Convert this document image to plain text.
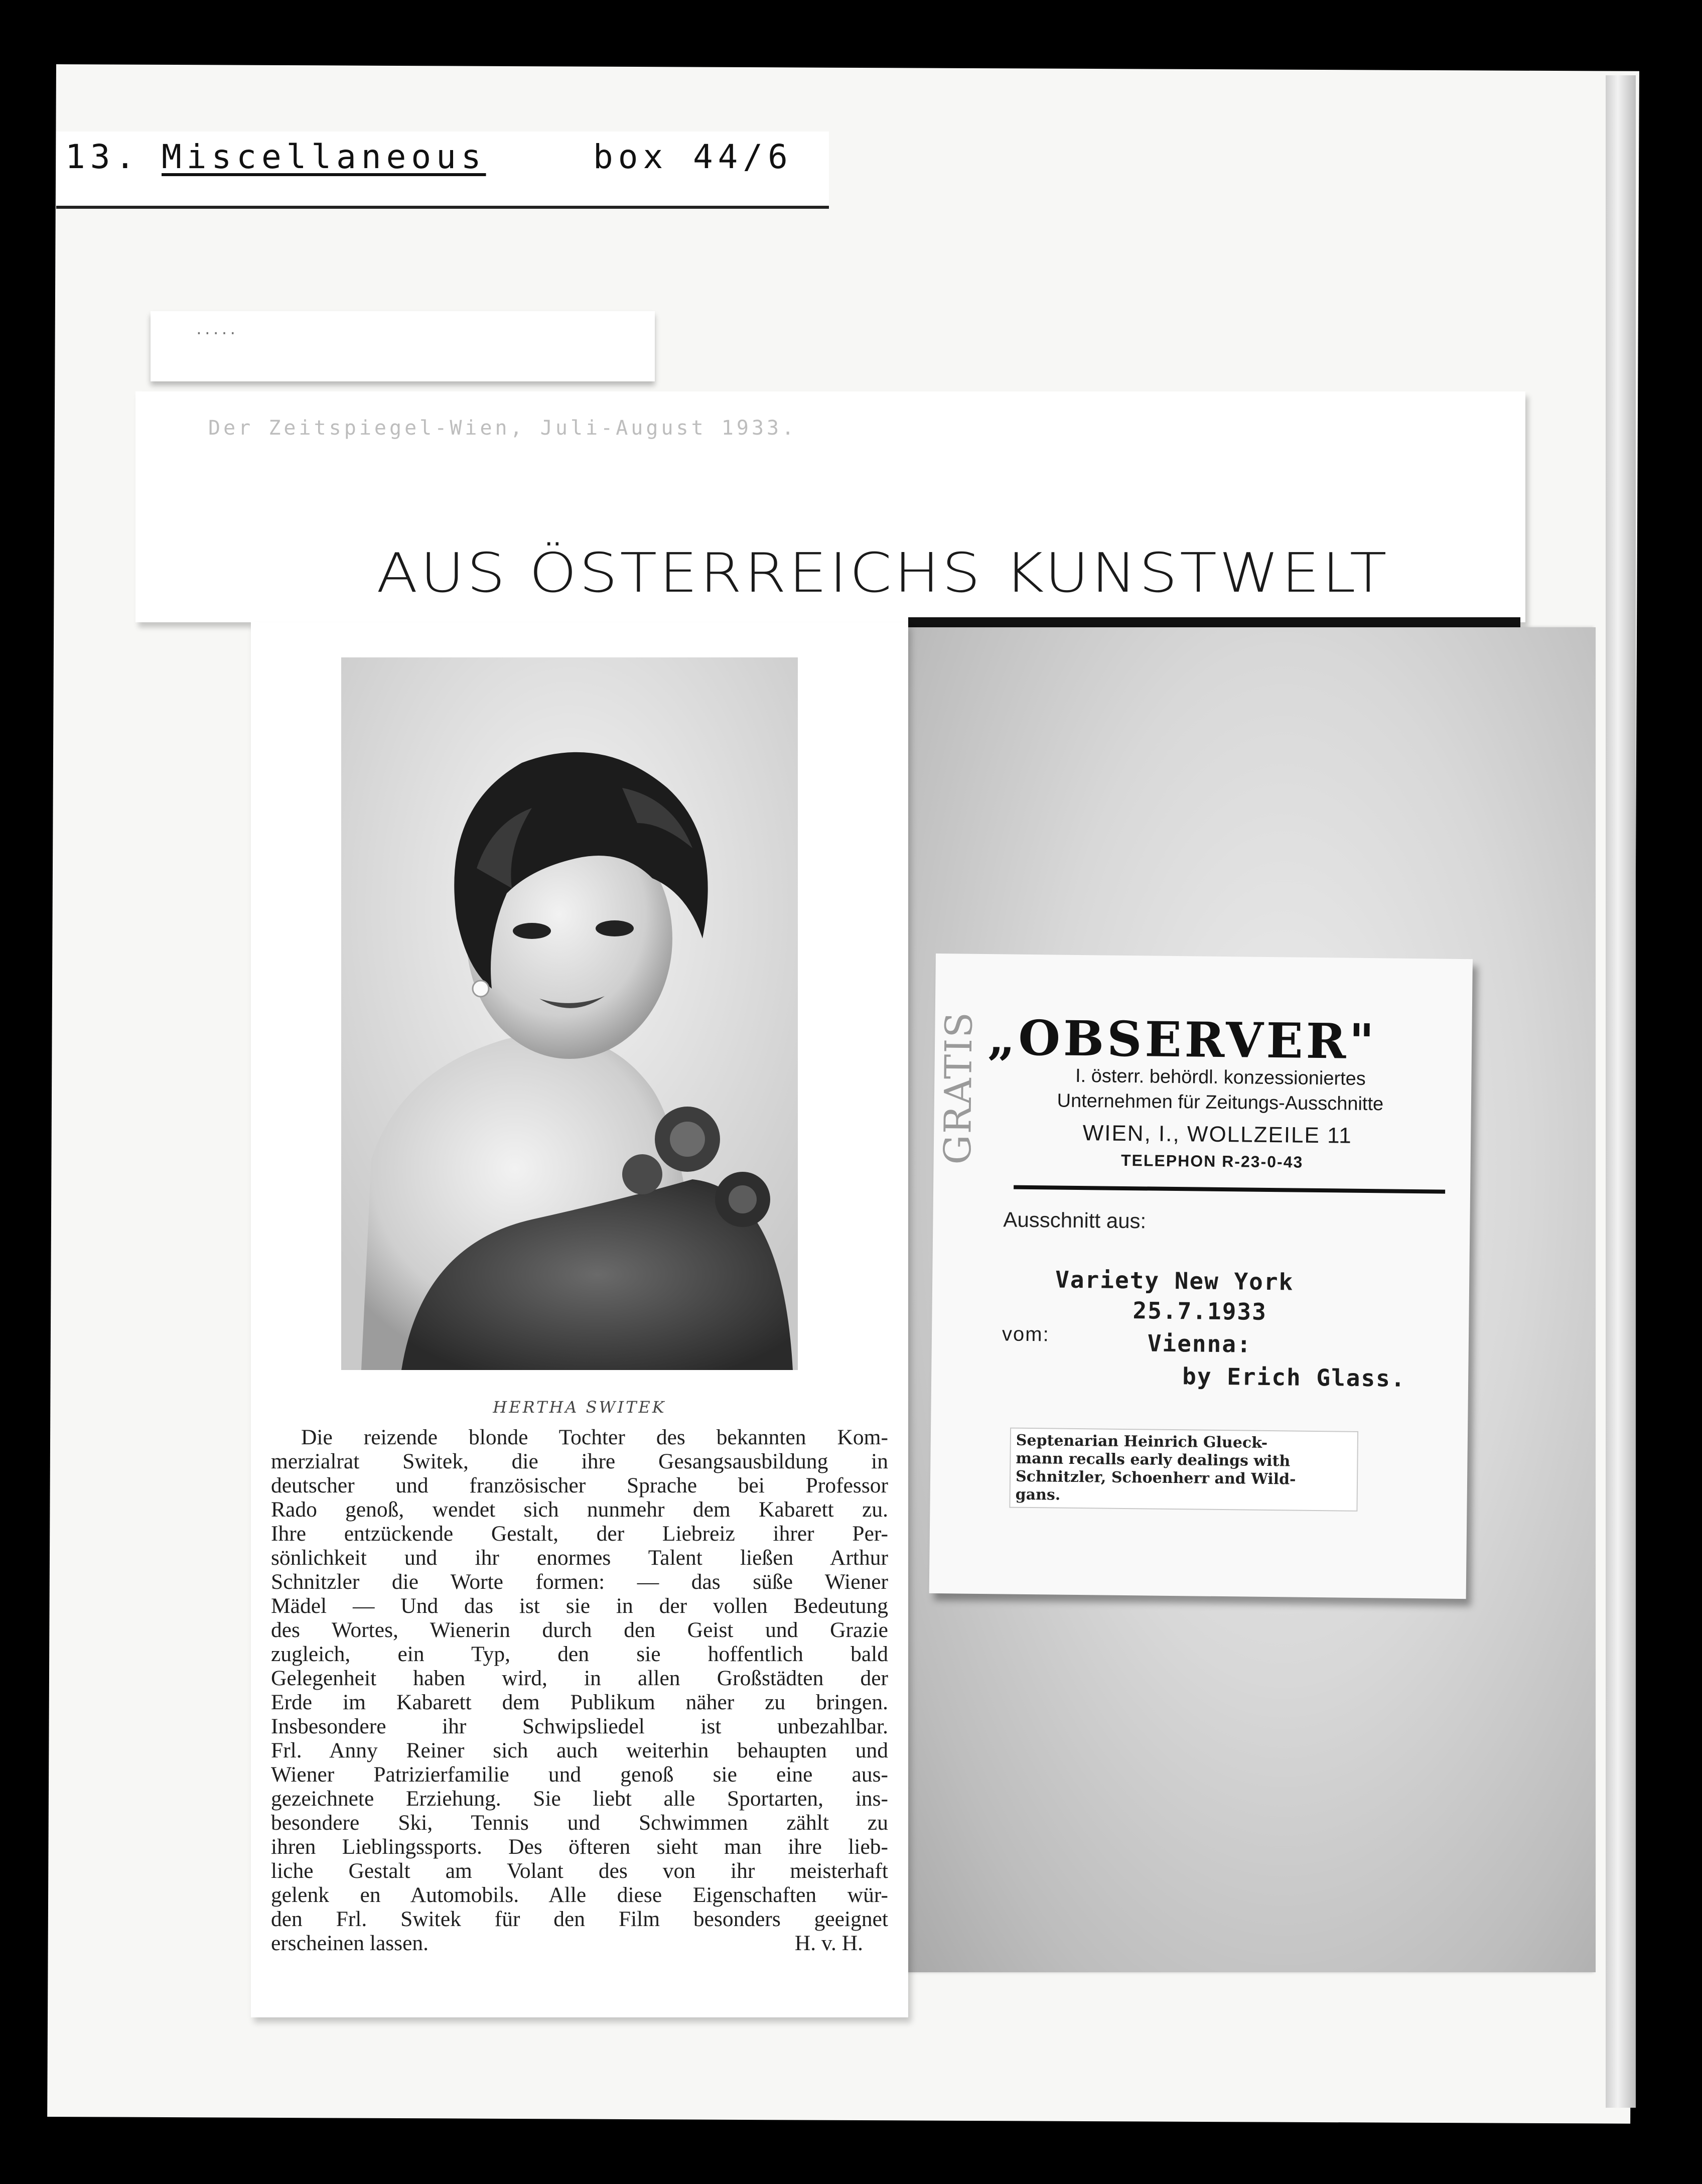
13. Miscellaneous	box 44/6
.....
Der Zeitspiegel-Wien, Juli-August 1933.
AUS ÖSTERREICHS KUNSTWELT
HERTHA SWITEK
Die reizende blonde Tochter des bekannten Kom-
merzialrat Switek, die ihre Gesangsausbildung in
deutscher und französischer Sprache bei Professor
Rado genoß, wendet sich nunmehr dem Kabarett zu.
Ihre entzückende Gestalt, der Liebreiz ihrer Per-
sönlichkeit und ihr enormes Talent ließen Arthur
Schnitzler die Worte formen: — das süße Wiener
Mädel — Und das ist sie in der vollen Bedeutung
des Wortes, Wienerin durch den Geist und Grazie
zugleich, ein Typ, den sie hoffentlich bald
Gelegenheit haben wird, in allen Großstädten der
Erde im Kabarett dem Publikum näher zu bringen.
Insbesondere ihr Schwipsliedel ist unbezahlbar.
Frl. Anny Reiner sich auch weiterhin behaupten und
Wiener Patrizierfamilie und genoß sie eine aus-
gezeichnete Erziehung. Sie liebt alle Sportarten, ins-
besondere Ski, Tennis und Schwimmen zählt zu
ihren Lieblingssports. Des öfteren sieht man ihre lieb-
liche Gestalt am Volant des von ihr meisterhaft
gelenk en Automobils. Alle diese Eigenschaften wür-
den Frl. Switek für den Film besonders geeignet
erscheinen lassen.	H. v. H.
GRATIS „OBSERVER"
I. österr. behördl. konzessioniertes
Unternehmen für Zeitungs-Ausschnitte
WIEN, I., WOLLZEILE 11
TELEPHON R-23-0-43
Ausschnitt aus:
Variety New York
25.7.1933
vom:	Vienna:
by Erich Glass.
Septenarian Heinrich Glueck-
mann recalls early dealings with
Schnitzler, Schoenherr and Wild-
gans.
